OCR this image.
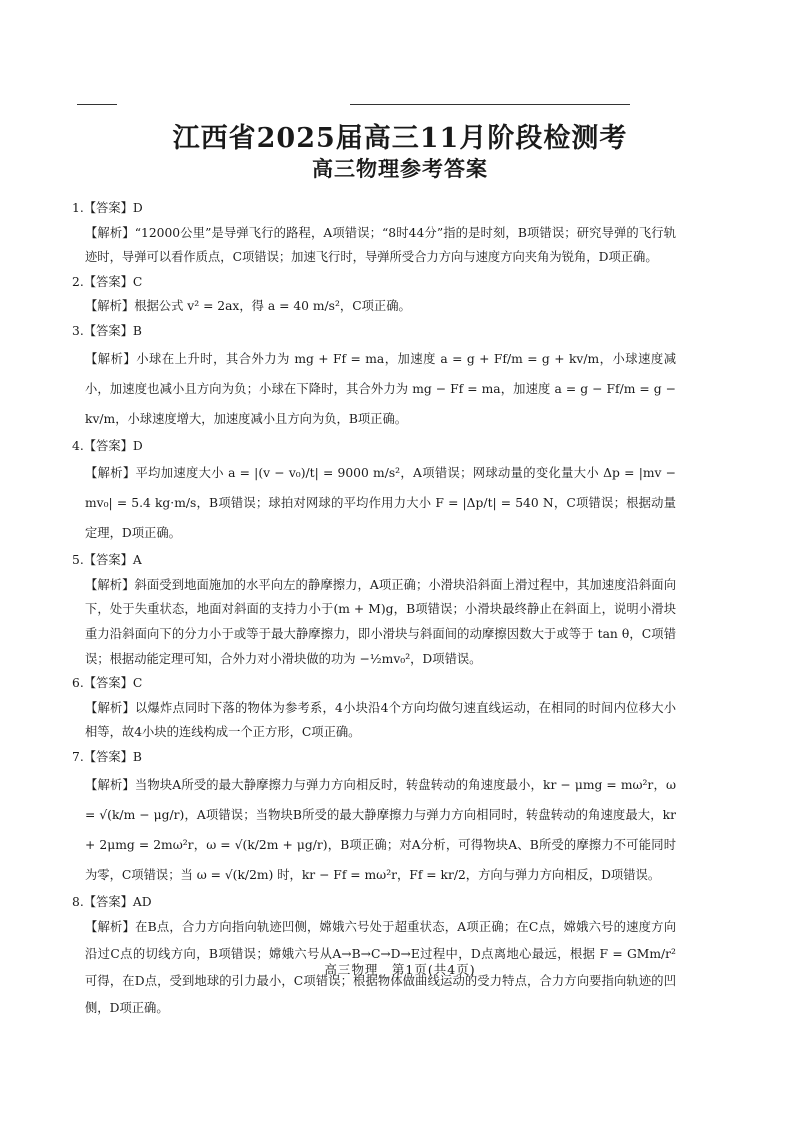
江西省2025届高三11月阶段检测考
高三物理参考答案

1.【答案】D

【解析】“12000公里”是导弹飞行的路程，A项错误；“8时44分”指的是时刻，B项错误；研究导弹的飞行轨迹时，导弹可以看作质点，C项错误；加速飞行时，导弹所受合力方向与速度方向夹角为锐角，D项正确。

2.【答案】C

【解析】根据公式 v² = 2ax，得 a = 40 m/s²，C项正确。

3.【答案】B

【解析】小球在上升时，其合外力为 mg + Ff = ma，加速度 a = g + Ff/m = g + kv/m，小球速度减小，加速度也减小且方向为负；小球在下降时，其合外力为 mg − Ff = ma，加速度 a = g − Ff/m = g − kv/m，小球速度增大，加速度减小且方向为负，B项正确。

4.【答案】D

【解析】平均加速度大小 a = |(v − v₀)/t| = 9000 m/s²，A项错误；网球动量的变化量大小 Δp = |mv − mv₀| = 5.4 kg·m/s，B项错误；球拍对网球的平均作用力大小 F = |Δp/t| = 540 N，C项错误；根据动量定理，D项正确。

5.【答案】A

【解析】斜面受到地面施加的水平向左的静摩擦力，A项正确；小滑块沿斜面上滑过程中，其加速度沿斜面向下，处于失重状态，地面对斜面的支持力小于(m + M)g，B项错误；小滑块最终静止在斜面上，说明小滑块重力沿斜面向下的分力小于或等于最大静摩擦力，即小滑块与斜面间的动摩擦因数大于或等于 tan θ，C项错误；根据动能定理可知，合外力对小滑块做的功为 −½mv₀²，D项错误。

6.【答案】C

【解析】以爆炸点同时下落的物体为参考系，4小块沿4个方向均做匀速直线运动，在相同的时间内位移大小相等，故4小块的连线构成一个正方形，C项正确。

7.【答案】B

【解析】当物块A所受的最大静摩擦力与弹力方向相反时，转盘转动的角速度最小，kr − μmg = mω²r，ω = √(k/m − μg/r)，A项错误；当物块B所受的最大静摩擦力与弹力方向相同时，转盘转动的角速度最大，kr + 2μmg = 2mω²r，ω = √(k/2m + μg/r)，B项正确；对A分析，可得物块A、B所受的摩擦力不可能同时为零，C项错误；当 ω = √(k/2m) 时，kr − Ff = mω²r，Ff = kr/2，方向与弹力方向相反，D项错误。

8.【答案】AD

【解析】在B点，合力方向指向轨迹凹侧，嫦娥六号处于超重状态，A项正确；在C点，嫦娥六号的速度方向沿过C点的切线方向，B项错误；嫦娥六号从A→B→C→D→E过程中，D点离地心最远，根据 F = GMm/r² 可得，在D点，受到地球的引力最小，C项错误；根据物体做曲线运动的受力特点，合力方向要指向轨迹的凹侧，D项正确。

高三物理　第1页(共4页)
